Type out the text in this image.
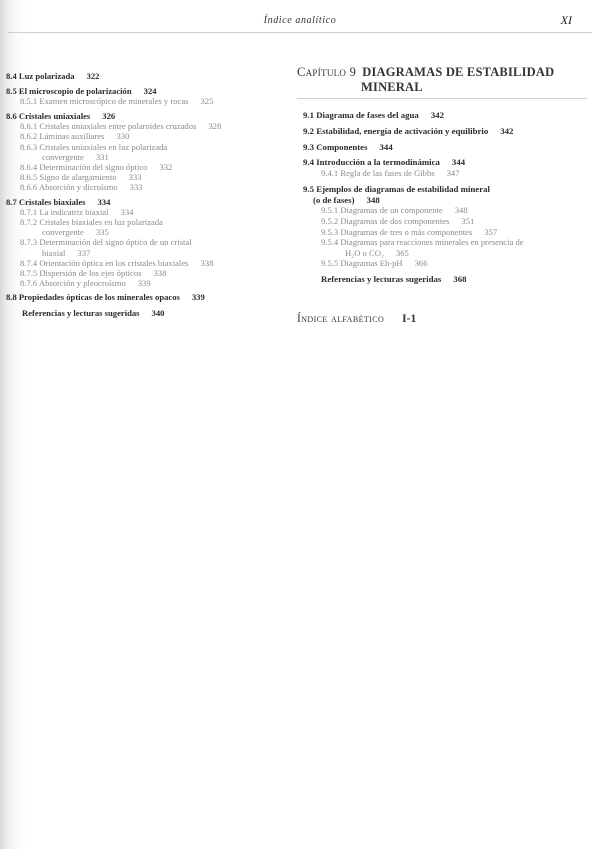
Índice analítico	XI
8.4 Luz polarizada 322
8.5 El microscopio de polarización 324
8.5.1 Examen microscópico de minerales y rocas 325
8.6 Cristales uniaxiales 326
8.6.1 Cristales uniaxiales entre polaroides cruzados 328
8.6.2 Láminas auxiliares 330
8.6.3 Cristales uniaxiales en luz polarizada
convergente 331
8.6.4 Determinación del signo óptico 332
8.6.5 Signo de alargamiento 333
8.6.6 Absorción y dicroísmo 333
8.7 Cristales biaxiales 334
8.7.1 La indicatriz biaxial 334
8.7.2 Cristales biaxiales en luz polarizada
convergente 335
8.7.3 Determinación del signo óptico de un cristal
biaxial 337
8.7.4 Orientación óptica en los cristales biaxiales 338
8.7.5 Dispersión de los ejes ópticos 338
8.7.6 Absorción y pleocroísmo 339
8.8 Propiedades ópticas de los minerales opacos 339
Referencias y lecturas sugeridas 340
Capítulo 9 DIAGRAMAS DE ESTABILIDAD
MINERAL
9.1 Diagrama de fases del agua 342
9.2 Estabilidad, energía de activación y equilibrio 342
9.3 Componentes 344
9.4 Introducción a la termodinámica 344
9.4.1 Regla de las fases de Gibbs 347
9.5 Ejemplos de diagramas de estabilidad mineral
(o de fases) 348
9.5.1 Diagramas de un componente 348
9.5.2 Diagramas de dos componentes 351
9.5.3 Diagramas de tres o más componentes 357
9.5.4 Diagramas para reacciones minerales en presencia de
H₂O o CO₂ 365
9.5.5 Diagramas Eh-pH 366
Referencias y lecturas sugeridas 368
Índice alfabético I-1
